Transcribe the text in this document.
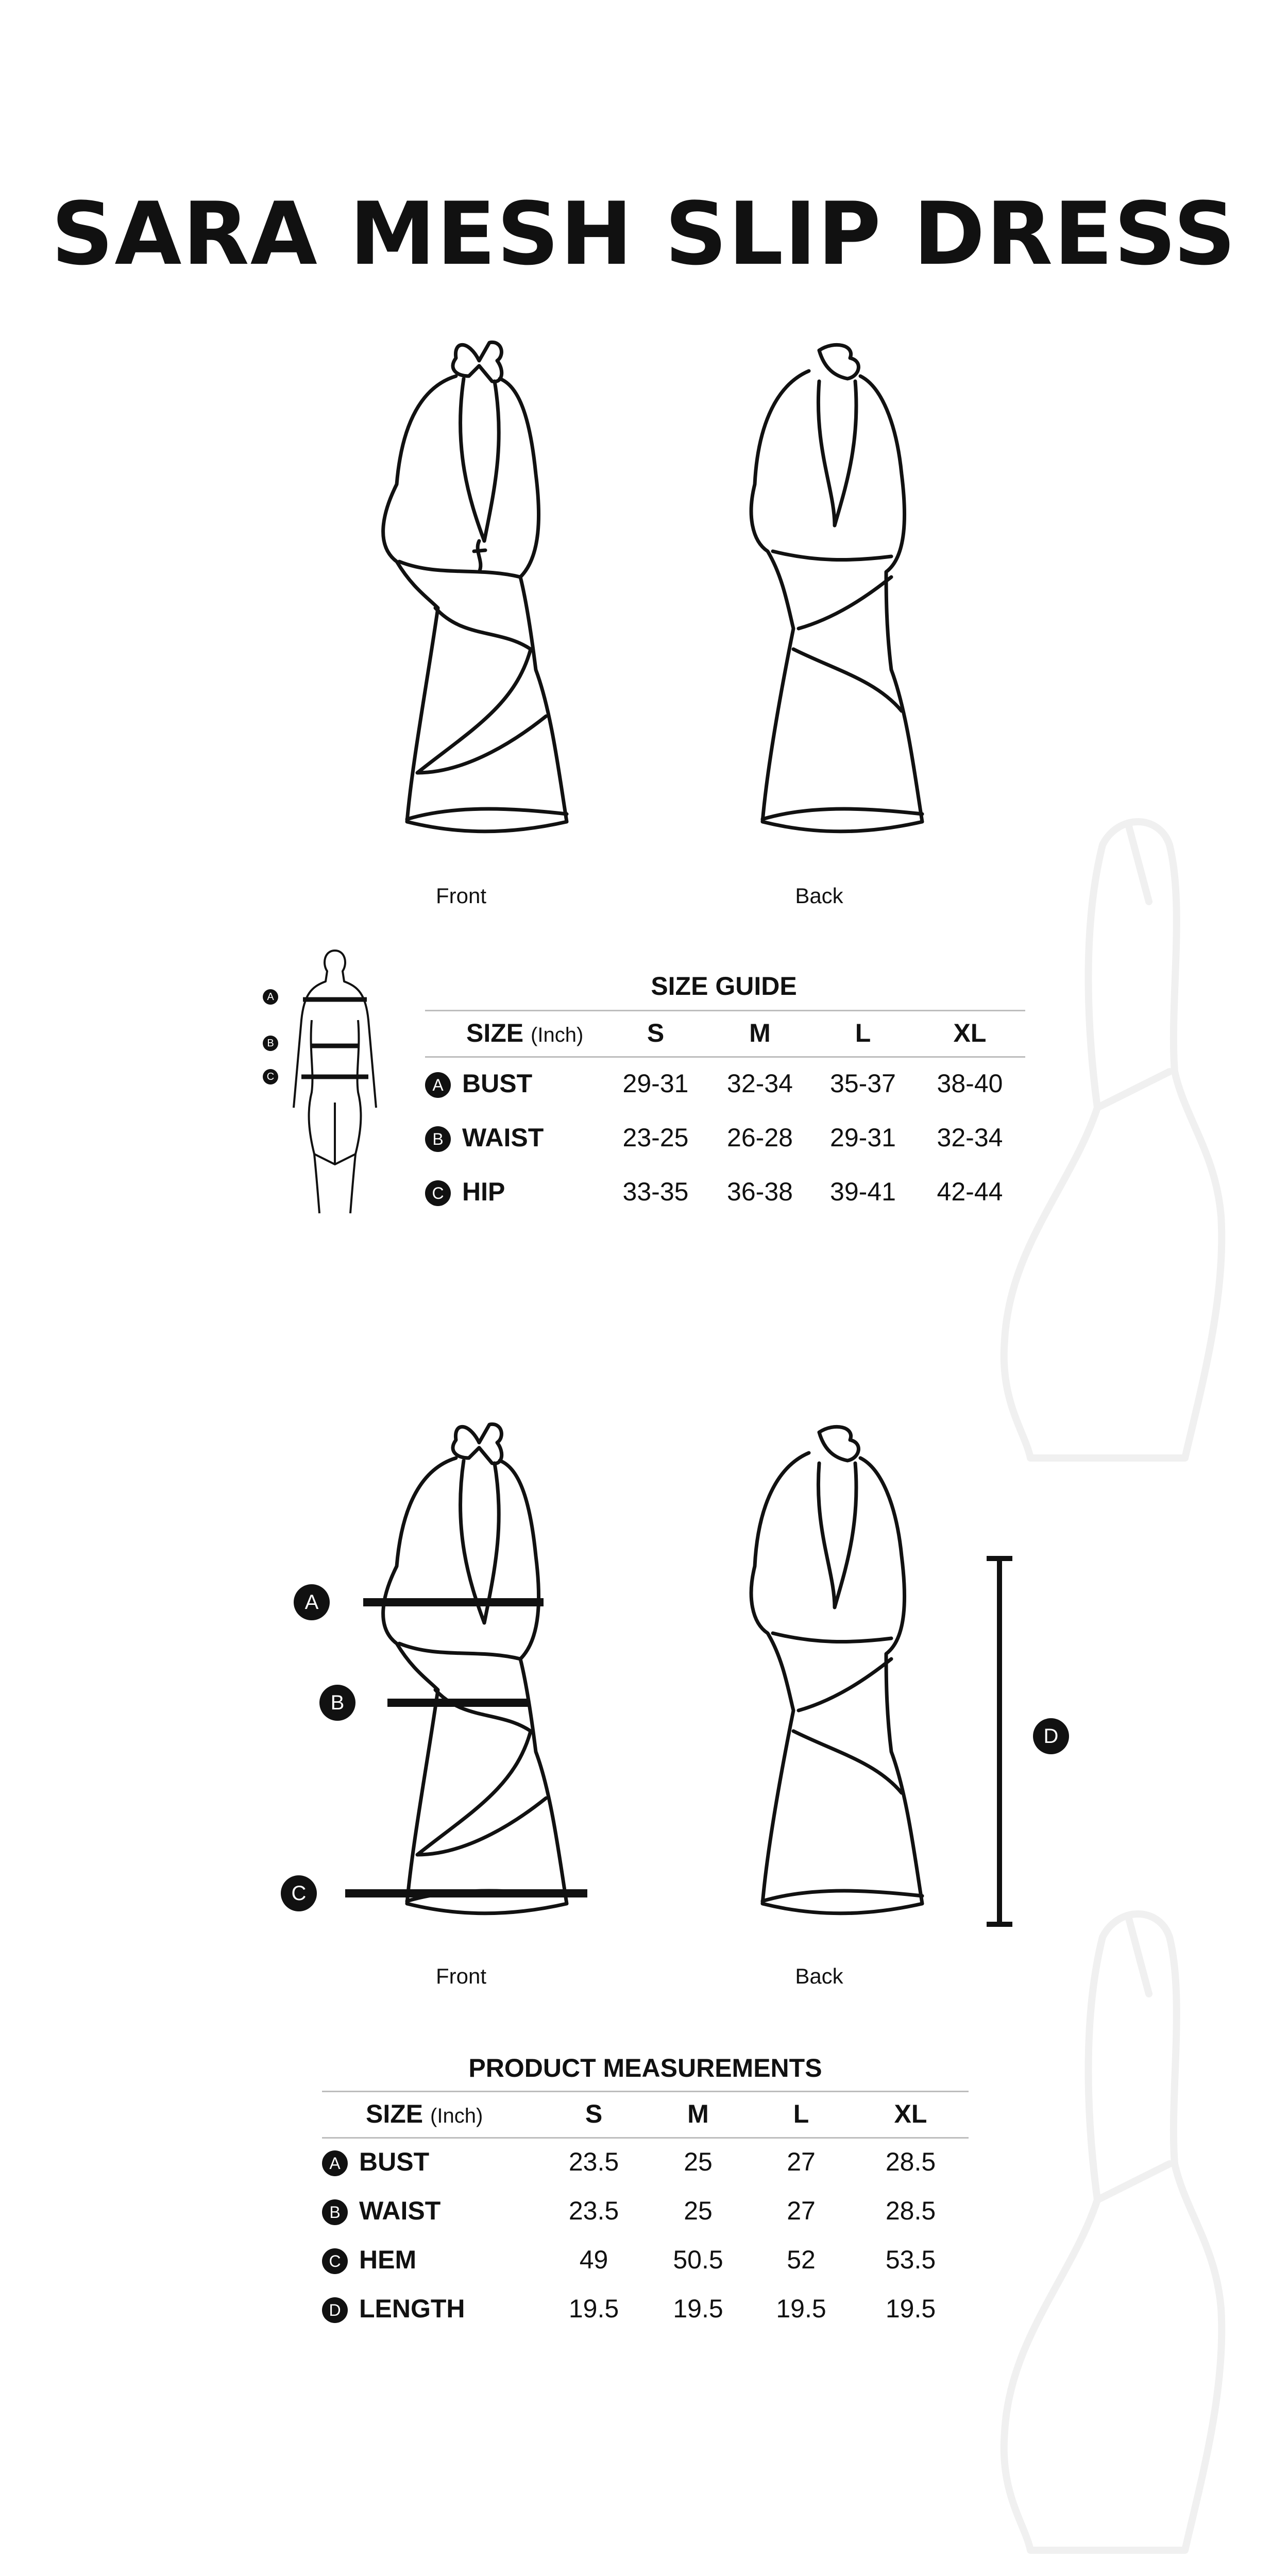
SARA MESH SLIP DRESS
Front	Back
A
B
C
SIZE GUIDE
SIZE (Inch)	S	M	L	XL
A BUST	29-31	32-34	35-37	38-40
B WAIST	23-25	26-28	29-31	32-34
C HIP	33-35	36-38	39-41	42-44
A
B
C
D
Front	Back
PRODUCT MEASUREMENTS
SIZE (Inch)	S	M	L	XL
A BUST	23.5	25	27	28.5
B WAIST	23.5	25	27	28.5
C HEM	49	50.5	52	53.5
D LENGTH	19.5	19.5	19.5	19.5
